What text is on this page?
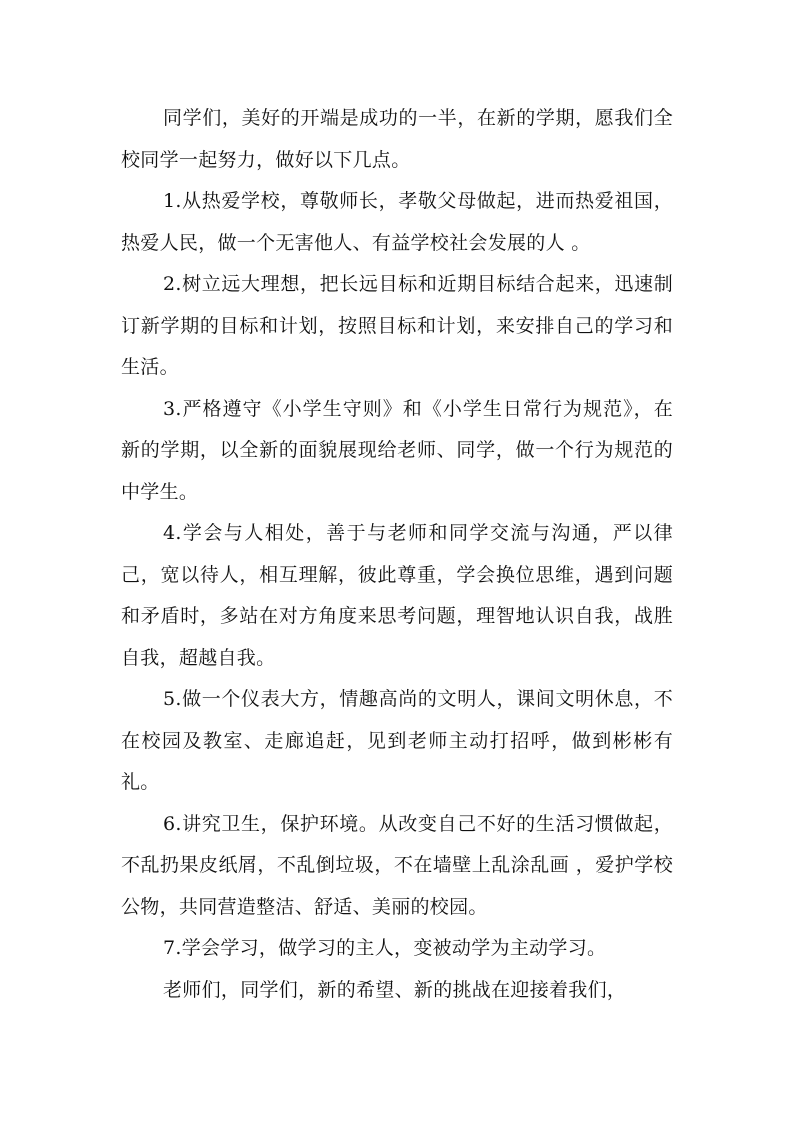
同学们，美好的开端是成功的一半，在新的学期，愿我们全校同学一起努力，做好以下几点。

1.从热爱学校，尊敬师长，孝敬父母做起，进而热爱祖国，热爱人民，做一个无害他人、有益学校社会发展的人 。

2.树立远大理想，把长远目标和近期目标结合起来，迅速制订新学期的目标和计划，按照目标和计划，来安排自己的学习和生活。

3.严格遵守《小学生守则》和《小学生日常行为规范》，在新的学期，以全新的面貌展现给老师、同学，做一个行为规范的中学生。

4.学会与人相处，善于与老师和同学交流与沟通，严以律己，宽以待人，相互理解，彼此尊重，学会换位思维，遇到问题和矛盾时，多站在对方角度来思考问题，理智地认识自我，战胜自我，超越自我。

5.做一个仪表大方，情趣高尚的文明人，课间文明休息，不在校园及教室、走廊追赶，见到老师主动打招呼，做到彬彬有礼。

6.讲究卫生，保护环境。从改变自己不好的生活习惯做起，不乱扔果皮纸屑，不乱倒垃圾，不在墙壁上乱涂乱画 ，爱护学校公物，共同营造整洁、舒适、美丽的校园。

7.学会学习，做学习的主人，变被动学为主动学习。

老师们，同学们，新的希望、新的挑战在迎接着我们，
